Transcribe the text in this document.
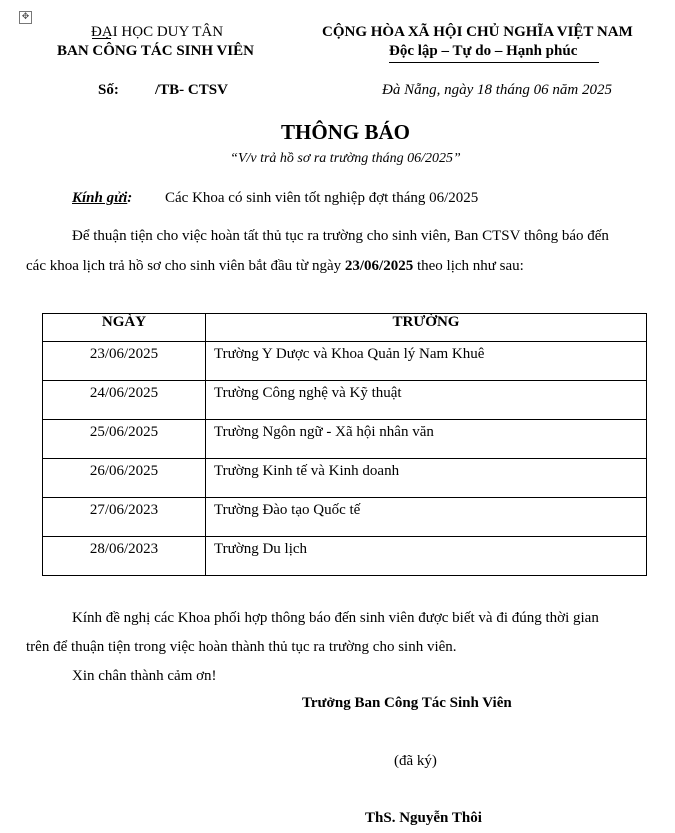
✥
ĐẠI HỌC DUY TÂN
BAN CÔNG TÁC SINH VIÊN
CỘNG HÒA XÃ HỘI CHỦ NGHĨA VIỆT NAM
Độc lập – Tự do – Hạnh phúc
Số: /TB- CTSV	Đà Nẵng, ngày 18 tháng 06 năm 2025
THÔNG BÁO
“V/v trả hồ sơ ra trường tháng 06/2025”
Kính gửi: Các Khoa có sinh viên tốt nghiệp đợt tháng 06/2025
Để thuận tiện cho việc hoàn tất thủ tục ra trường cho sinh viên, Ban CTSV thông báo đến
các khoa lịch trả hồ sơ cho sinh viên bắt đầu từ ngày 23/06/2025 theo lịch như sau:
NGÀY	TRƯỜNG
23/06/2025	Trường Y Dược và Khoa Quản lý Nam Khuê
24/06/2025	Trường Công nghệ và Kỹ thuật
25/06/2025	Trường Ngôn ngữ - Xã hội nhân văn
26/06/2025	Trường Kinh tế và Kinh doanh
27/06/2023	Trường Đào tạo Quốc tế
28/06/2023	Trường Du lịch
Kính đề nghị các Khoa phối hợp thông báo đến sinh viên được biết và đi đúng thời gian
trên để thuận tiện trong việc hoàn thành thủ tục ra trường cho sinh viên.
Xin chân thành cảm ơn!
Trưởng Ban Công Tác Sinh Viên
(đã ký)
ThS. Nguyễn Thôi
